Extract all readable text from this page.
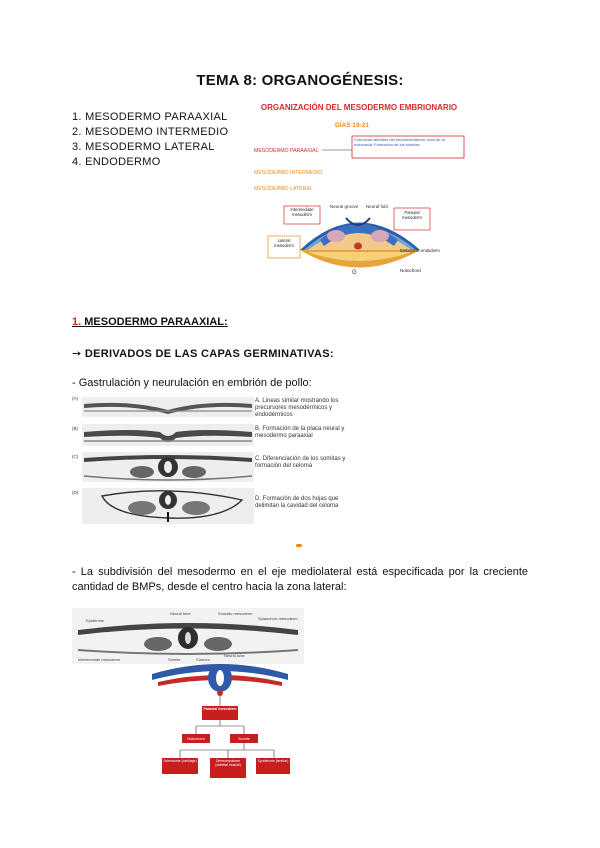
TEMA 8: ORGANOGÉNESIS:
1. MESODERMO PARAAXIAL
2. MESODEMO INTERMEDIO
3. MESODERMO LATERAL
4. ENDODERMO
ORGANIZACIÓN DEL MESODERMO EMBRIONARIO
DÍAS 19-21
MESODERMO PARAAXIAL
Columnas laterales del neuroectodermo; tubo de la notocorda; Formación de los somitas
MESODERMO INTERMEDIO
MESODERMO LATERAL
Neural groove Neural fold
Intermediate mesoderm	Paraxial mesoderm
Lateral mesoderm
Embryonic endoderm
Notochord
G
1. MESODERMO PARAAXIAL:
➙ DERIVADOS DE LAS CAPAS GERMINATIVAS:
- Gastrulación y neurulación en embrión de pollo:
(A)
(B)
(C)
(D)
A. Lineas similar mostrando los precursores mesodérmicos y endodérmicos
B. Formación de la placa neural y mesodermo paraaxial
C. Diferenciación de los somitas y formación del celoma
D. Formación de dos hojas que delimitan la cavidad del celoma
- La subdivisión del mesodermo en el eje mediolateral está especificada por la creciente cantidad de BMPs, desde el centro hacia la zona lateral:
Neural tube	Somatic mesoderm
Splanchnic mesoderm
Epidermis
Intermediate mesoderm	Somite	Coelom
Neural tube
Paraxial mesoderm
Notochord	Somite
Sclerotome (cartilage)	Dermomyotome (skeletal muscle)
Syndetome (tendon)
